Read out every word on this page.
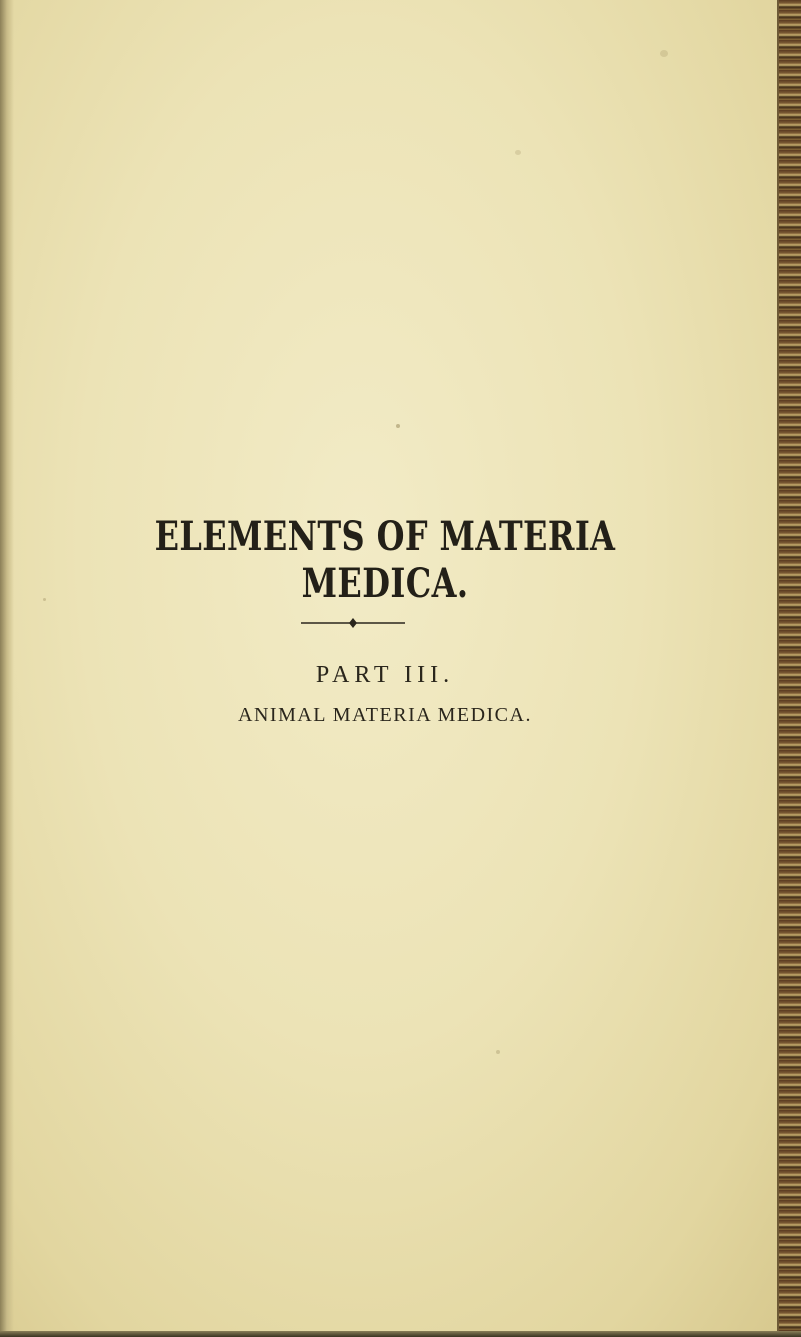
ELEMENTS OF MATERIA MEDICA.
PART III.
ANIMAL MATERIA MEDICA.
